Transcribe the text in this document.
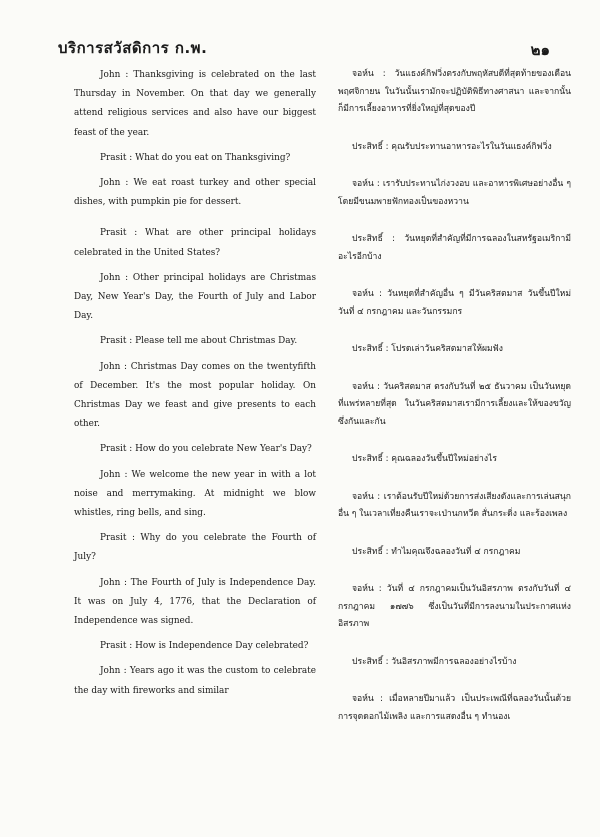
บริการสวัสดิการ ก.พ.	๒๑

John : Thanksgiving is celebrated on the last Thursday in November. On that day we generally attend religious services and also have our biggest feast of the year.

Prasit : What do you eat on Thanksgiving?

John : We eat roast turkey and other special dishes, with pumpkin pie for dessert.

Prasit : What are other principal holidays celebrated in the United States?

John : Other principal holidays are Christmas Day, New Year's Day, the Fourth of July and Labor Day.

Prasit : Please tell me about Christmas Day.

John : Christmas Day comes on the twentyfifth of December. It's the most popular holiday. On Christmas Day we feast and give presents to each other.

Prasit : How do you celebrate New Year's Day?

John : We welcome the new year in with a lot noise and merrymaking. At midnight we blow whistles, ring bells, and sing.

Prasit : Why do you celebrate the Fourth of July?

John : The Fourth of July is Independence Day. It was on July 4, 1776, that the Declaration of Independence was signed.

Prasit : How is Independence Day celebrated?

John : Years ago it was the custom to celebrate the day with fireworks and similar

จอห์น : วันแธงค์กิฟวิ่งตรงกับพฤหัสบดีที่สุดท้ายของเดือนพฤศจิกายน ในวันนั้นเรามักจะปฏิบัติพิธีทางศาสนา และจากนั้นก็มีการเลี้ยงอาหารที่ยิ่งใหญ่ที่สุดของปี

ประสิทธิ์ : คุณรับประทานอาหารอะไรในวันแธงค์กิฟวิ่ง

จอห์น : เรารับประทานไก่งวงอบ และอาหารพิเศษอย่างอื่น ๆ โดยมีขนมพายฟักทองเป็นของหวาน

ประสิทธิ์ : วันหยุดที่สำคัญที่มีการฉลองในสหรัฐอเมริกามีอะไรอีกบ้าง

จอห์น : วันหยุดที่สำคัญอื่น ๆ มีวันคริสตมาส วันขึ้นปีใหม่ วันที่ ๔ กรกฎาคม และวันกรรมกร

ประสิทธิ์ : โปรดเล่าวันคริสตมาสให้ผมฟัง

จอห์น : วันคริสตมาส ตรงกับวันที่ ๒๕ ธันวาคม เป็นวันหยุดที่แพร่หลายที่สุด ในวันคริสตมาสเรามีการเลี้ยงและให้ของขวัญซึ่งกันและกัน

ประสิทธิ์ : คุณฉลองวันขึ้นปีใหม่อย่างไร

จอห์น : เราต้อนรับปีใหม่ด้วยการส่งเสียงดังและการเล่นสนุกอื่น ๆ ในเวลาเที่ยงคืนเราจะเป่านกหวีด สั่นกระดิ่ง และร้องเพลง

ประสิทธิ์ : ทำไมคุณจึงฉลองวันที่ ๔ กรกฎาคม

จอห์น : วันที่ ๔ กรกฎาคมเป็นวันอิสรภาพ ตรงกับวันที่ ๔ กรกฎาคม ๑๗๗๖ ซึ่งเป็นวันที่มีการลงนามในประกาศแห่งอิสรภาพ

ประสิทธิ์ : วันอิสรภาพมีการฉลองอย่างไรบ้าง

จอห์น : เมื่อหลายปีมาแล้ว เป็นประเพณีที่ฉลองวันนั้นด้วยการจุดดอกไม้เพลิง และการแสดงอื่น ๆ ทำนองเ
